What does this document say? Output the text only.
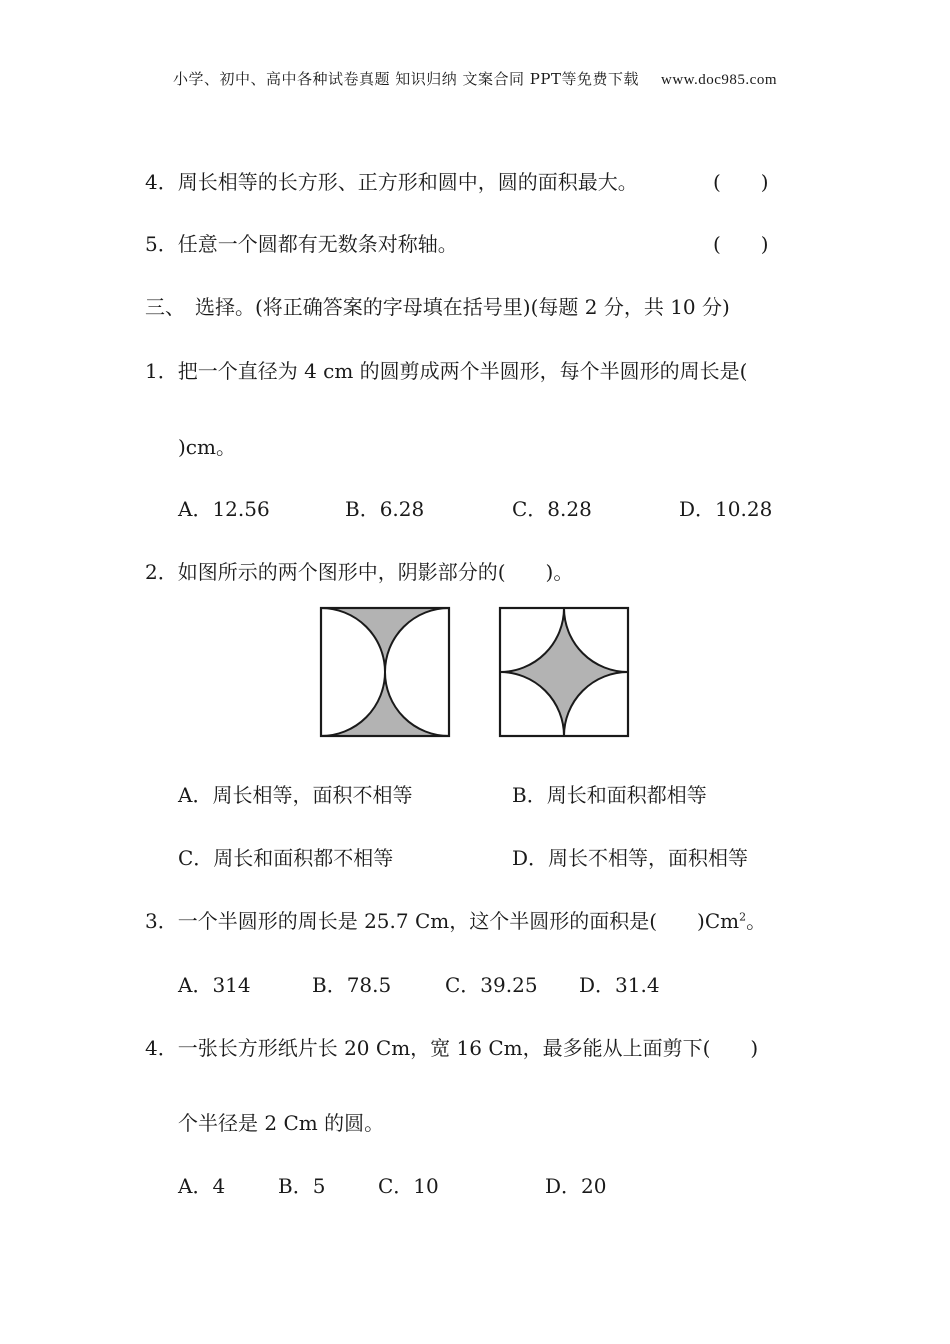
小学、初中、高中各种试卷真题 知识归纳 文案合同 PPT等免费下载 www.doc985.com
4．周长相等的长方形、正方形和圆中，圆的面积最大。	(　　)
5．任意一个圆都有无数条对称轴。	(　　)
三、　选择。(将正确答案的字母填在括号里)(每题 2 分，共 10 分)
1．把一个直径为 4 cm 的圆剪成两个半圆形，每个半圆形的周长是(
)cm。
A．12.56	B．6.28	C．8.28	D．10.28
2．如图所示的两个图形中，阴影部分的(　　)。
A．周长相等，面积不相等	B．周长和面积都相等
C．周长和面积都不相等	D．周长不相等，面积相等
3．一个半圆形的周长是 25.7 Cm，这个半圆形的面积是(　　)Cm$^2$。
A．314	B．78.5	C．39.25 D．31.4
4．一张长方形纸片长 20 Cm，宽 16 Cm，最多能从上面剪下(　　)
个半径是 2 Cm 的圆。
A．4	B．5	C．10	D．20
